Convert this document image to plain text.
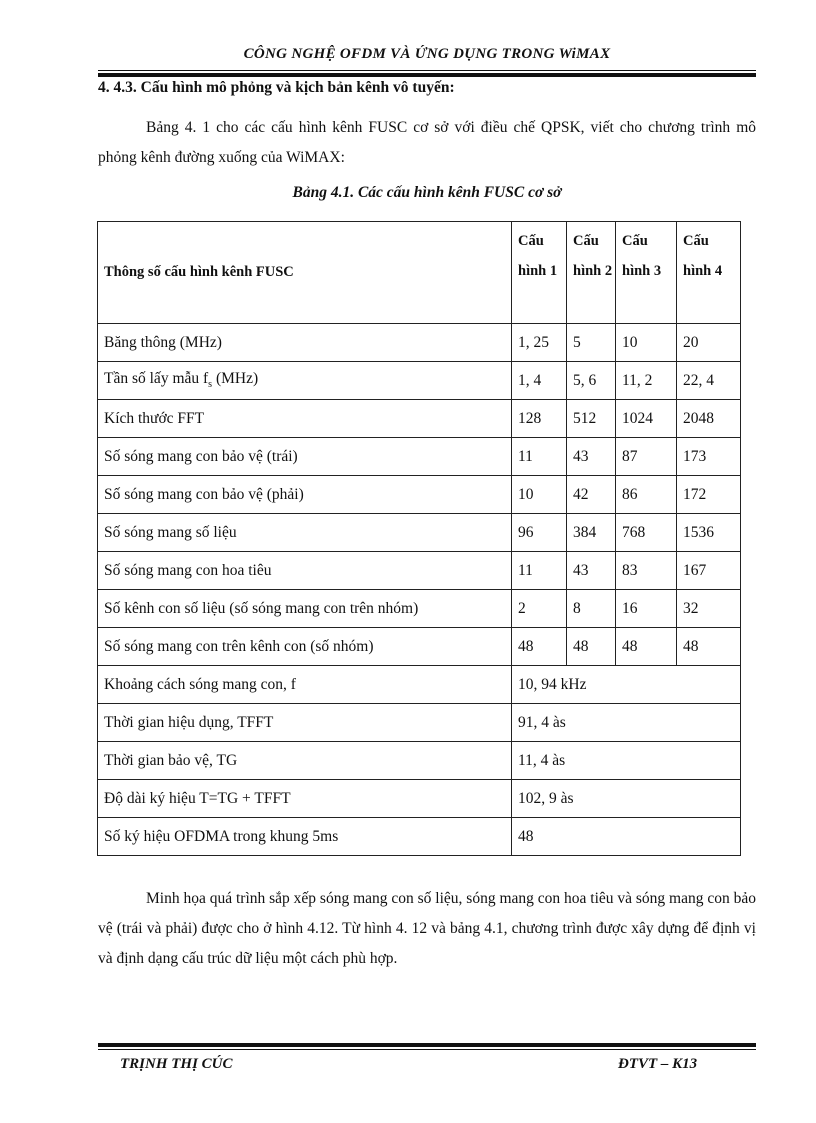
CÔNG NGHỆ OFDM VÀ ỨNG DỤNG TRONG WiMAX
4. 4.3. Cấu hình mô phỏng và kịch bản kênh vô tuyến:

Bảng 4. 1 cho các cấu hình kênh FUSC cơ sở với điều chế QPSK, viết cho chương trình mô phỏng kênh đường xuống của WiMAX:

Bảng 4.1. Các cấu hình kênh FUSC cơ sở
Thông số cấu hình kênh FUSC	Cấu hình 1	Cấu hình 2	Cấu hình 3	Cấu hình 4
Băng thông (MHz)	1, 25	5	10	20
Tần số lấy mẫu $f_s$ (MHz)	1, 4	5, 6	11, 2	22, 4
Kích thước FFT	128	512	1024	2048
Số sóng mang con bảo vệ (trái)	11	43	87	173
Số sóng mang con bảo vệ (phải)	10	42	86	172
Số sóng mang số liệu	96	384	768	1536
Số sóng mang con hoa tiêu	11	43	83	167
Số kênh con số liệu (số sóng mang con trên nhóm)	2	8	16	32
Số sóng mang con trên kênh con (số nhóm)	48	48	48	48
Khoảng cách sóng mang con, f	10, 94 kHz			
Thời gian hiệu dụng, TFFT	91, 4 às			
Thời gian bảo vệ, TG	11, 4 às			
Độ dài ký hiệu T=TG + TFFT	102, 9 às			
Số ký hiệu OFDMA trong khung 5ms	48			

Minh họa quá trình sắp xếp sóng mang con số liệu, sóng mang con hoa tiêu và sóng mang con bảo vệ (trái và phải) được cho ở hình 4.12. Từ hình 4. 12 và bảng 4.1, chương trình được xây dựng để định vị và định dạng cấu trúc dữ liệu một cách phù hợp.

TRỊNH THỊ CÚC	ĐTVT – K13
